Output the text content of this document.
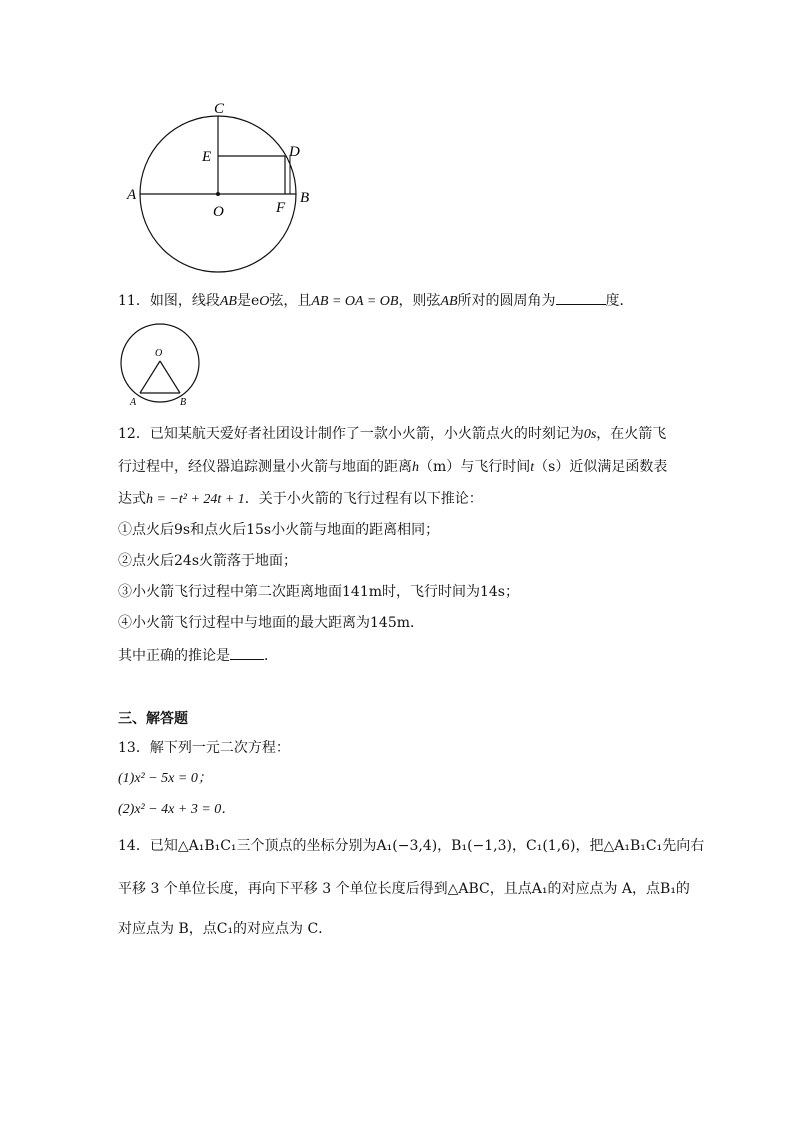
C
E	D
A
O	F
B
11．如图，线段AB是eO弦，且AB = OA = OB，则弦AB所对的圆周角为	度．
O
A	B
12．已知某航天爱好者社团设计制作了一款小火箭，小火箭点火的时刻记为0s，在火箭飞
行过程中，经仪器追踪测量小火箭与地面的距离h（m）与飞行时间t（s）近似满足函数表
达式h = −t² + 24t + 1．关于小火箭的飞行过程有以下推论：
①点火后9s和点火后15s小火箭与地面的距离相同；
②点火后24s火箭落于地面；
③小火箭飞行过程中第二次距离地面141m时，飞行时间为14s；
④小火箭飞行过程中与地面的最大距离为145m．
其中正确的推论是 ．
三、解答题
13．解下列一元二次方程：
(1)x² − 5x = 0；
(2)x² − 4x + 3 = 0．
14．已知△A₁B₁C₁三个顶点的坐标分别为A₁(−3,4)，B₁(−1,3)，C₁(1,6)，把△A₁B₁C₁先向右
平移 3 个单位长度，再向下平移 3 个单位长度后得到△ABC，且点A₁的对应点为 A，点B₁的
对应点为 B，点C₁的对应点为 C．
